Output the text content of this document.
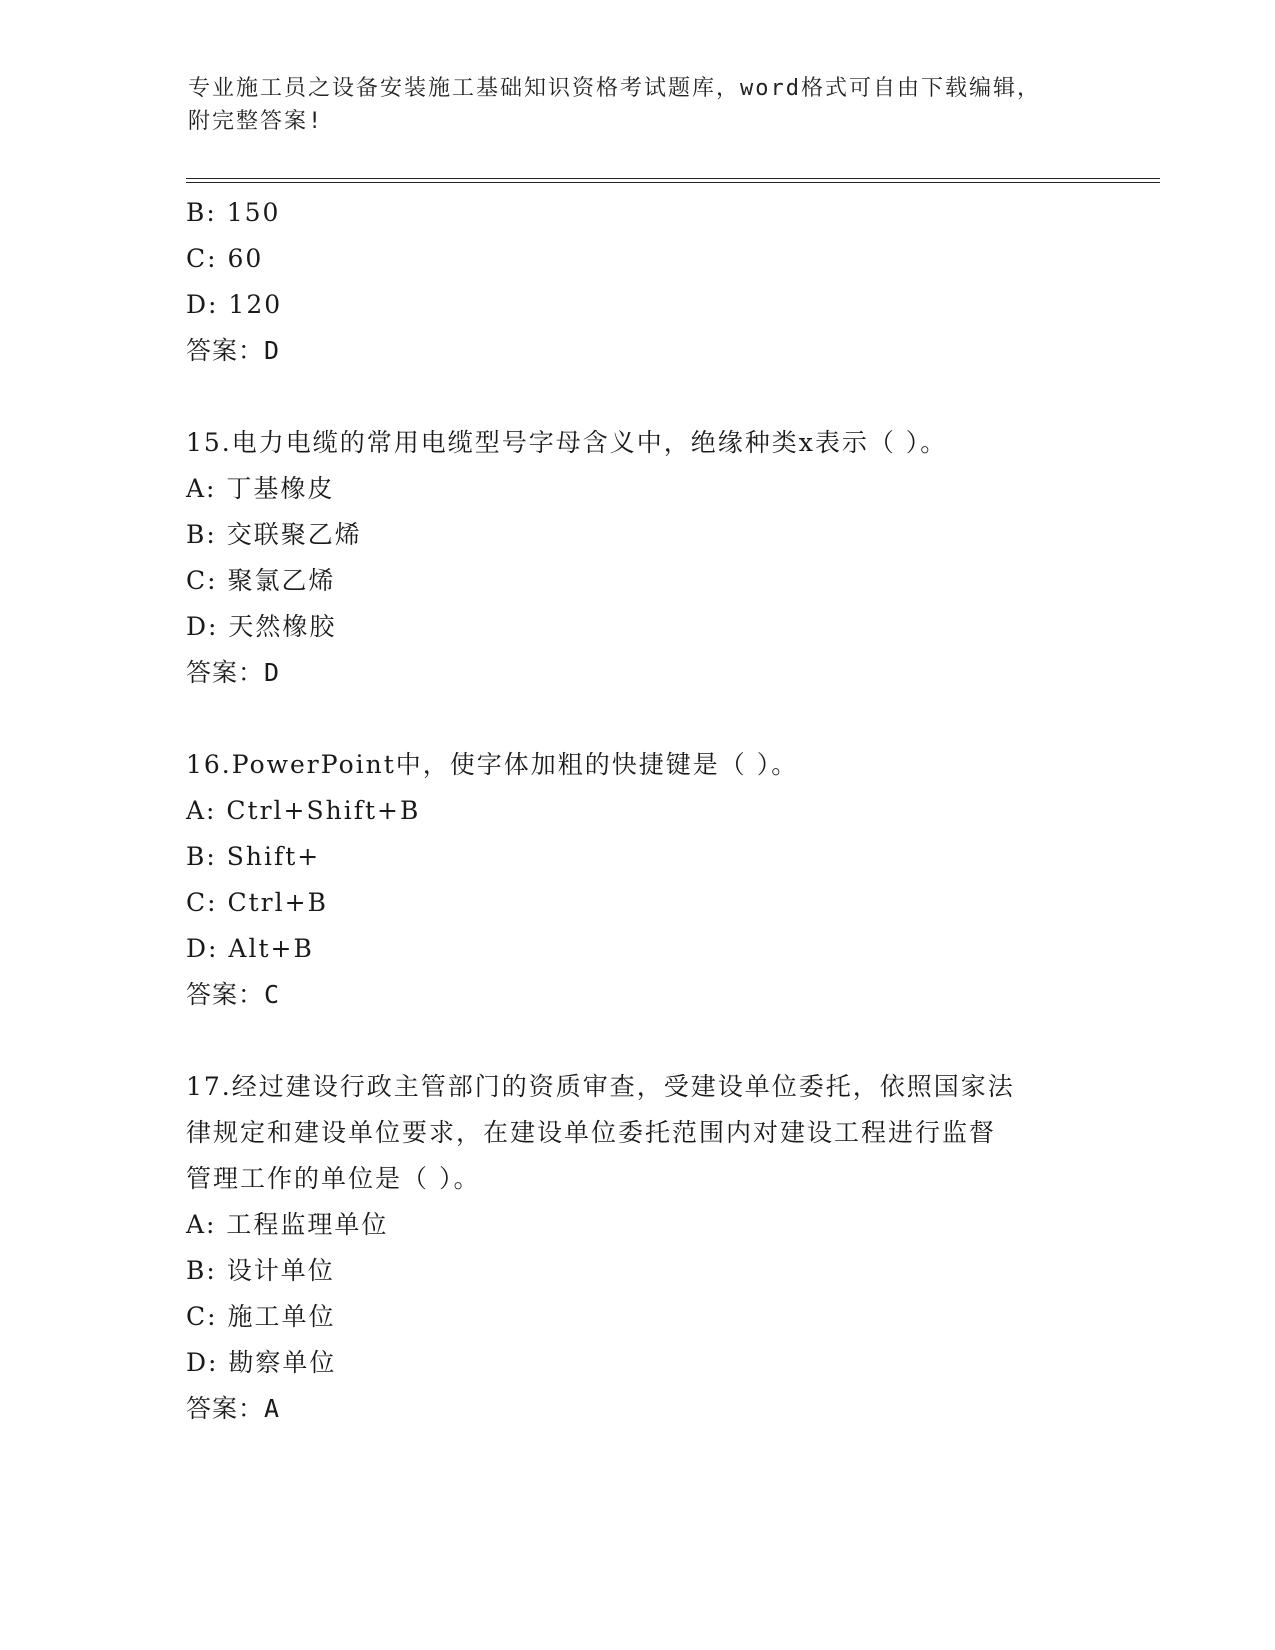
专业施工员之设备安装施工基础知识资格考试题库，word格式可自由下载编辑，
附完整答案!
B: 150
C: 60
D: 120
答案：D
15.电力电缆的常用电缆型号字母含义中，绝缘种类x表示（ ）。
A: 丁基橡皮
B: 交联聚乙烯
C: 聚氯乙烯
D: 天然橡胶
答案：D
16.PowerPoint中，使字体加粗的快捷键是（ ）。
A: Ctrl+Shift+B
B: Shift+
C: Ctrl+B
D: Alt+B
答案：C
17.经过建设行政主管部门的资质审查，受建设单位委托，依照国家法
律规定和建设单位要求，在建设单位委托范围内对建设工程进行监督
管理工作的单位是（ ）。
A: 工程监理单位
B: 设计单位
C: 施工单位
D: 勘察单位
答案：A
